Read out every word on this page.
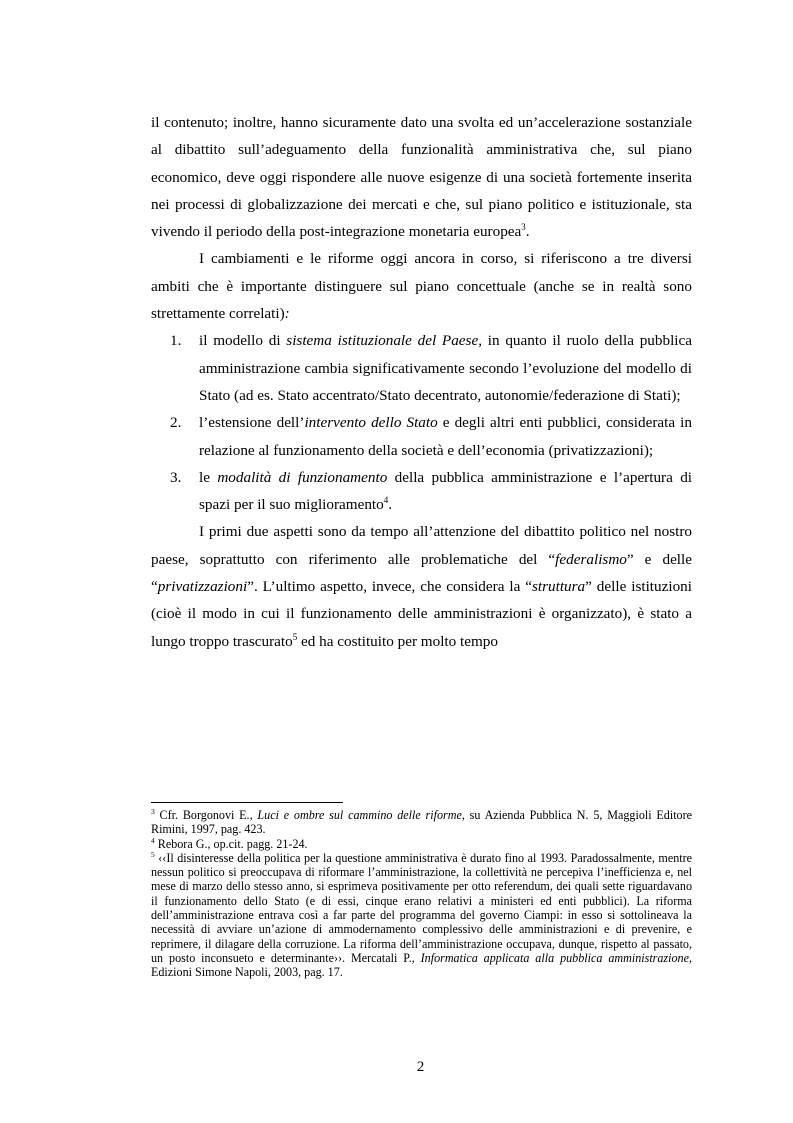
il contenuto; inoltre, hanno sicuramente dato una svolta ed un’accelerazione sostanziale al dibattito sull’adeguamento della funzionalità amministrativa che, sul piano economico, deve oggi rispondere alle nuove esigenze di una società fortemente inserita nei processi di globalizzazione dei mercati e che, sul piano politico e istituzionale, sta vivendo il periodo della post-integrazione monetaria europea$^3$.

I cambiamenti e le riforme oggi ancora in corso, si riferiscono a tre diversi ambiti che è importante distinguere sul piano concettuale (anche se in realtà sono strettamente correlati):

1. il modello di sistema istituzionale del Paese, in quanto il ruolo della pubblica amministrazione cambia significativamente secondo l’evoluzione del modello di Stato (ad es. Stato accentrato/Stato decentrato, autonomie/federazione di Stati);
2. l’estensione dell’intervento dello Stato e degli altri enti pubblici, considerata in relazione al funzionamento della società e dell’economia (privatizzazioni);
3. le modalità di funzionamento della pubblica amministrazione e l’apertura di spazi per il suo miglioramento$^4$.

I primi due aspetti sono da tempo all’attenzione del dibattito politico nel nostro paese, soprattutto con riferimento alle problematiche del “federalismo” e delle “privatizzazioni”. L’ultimo aspetto, invece, che considera la “struttura” delle istituzioni (cioè il modo in cui il funzionamento delle amministrazioni è organizzato), è stato a lungo troppo trascurato$^5$ ed ha costituito per molto tempo

$^3$ Cfr. Borgonovi E., Luci e ombre sul cammino delle riforme, su Azienda Pubblica N. 5, Maggioli Editore Rimini, 1997, pag. 423.

$^4$ Rebora G., op.cit. pagg. 21-24.

$^5$ ‹‹Il disinteresse della politica per la questione amministrativa è durato fino al 1993. Paradossalmente, mentre nessun politico si preoccupava di riformare l’amministrazione, la collettività ne percepiva l’inefficienza e, nel mese di marzo dello stesso anno, si esprimeva positivamente per otto referendum, dei quali sette riguardavano il funzionamento dello Stato (e di essi, cinque erano relativi a ministeri ed enti pubblici). La riforma dell’amministrazione entrava così a far parte del programma del governo Ciampi: in esso si sottolineava la necessità di avviare un’azione di ammodernamento complessivo delle amministrazioni e di prevenire, e reprimere, il dilagare della corruzione. La riforma dell’amministrazione occupava, dunque, rispetto al passato, un posto inconsueto e determinante››. Mercatali P., Informatica applicata alla pubblica amministrazione, Edizioni Simone Napoli, 2003, pag. 17.

2
